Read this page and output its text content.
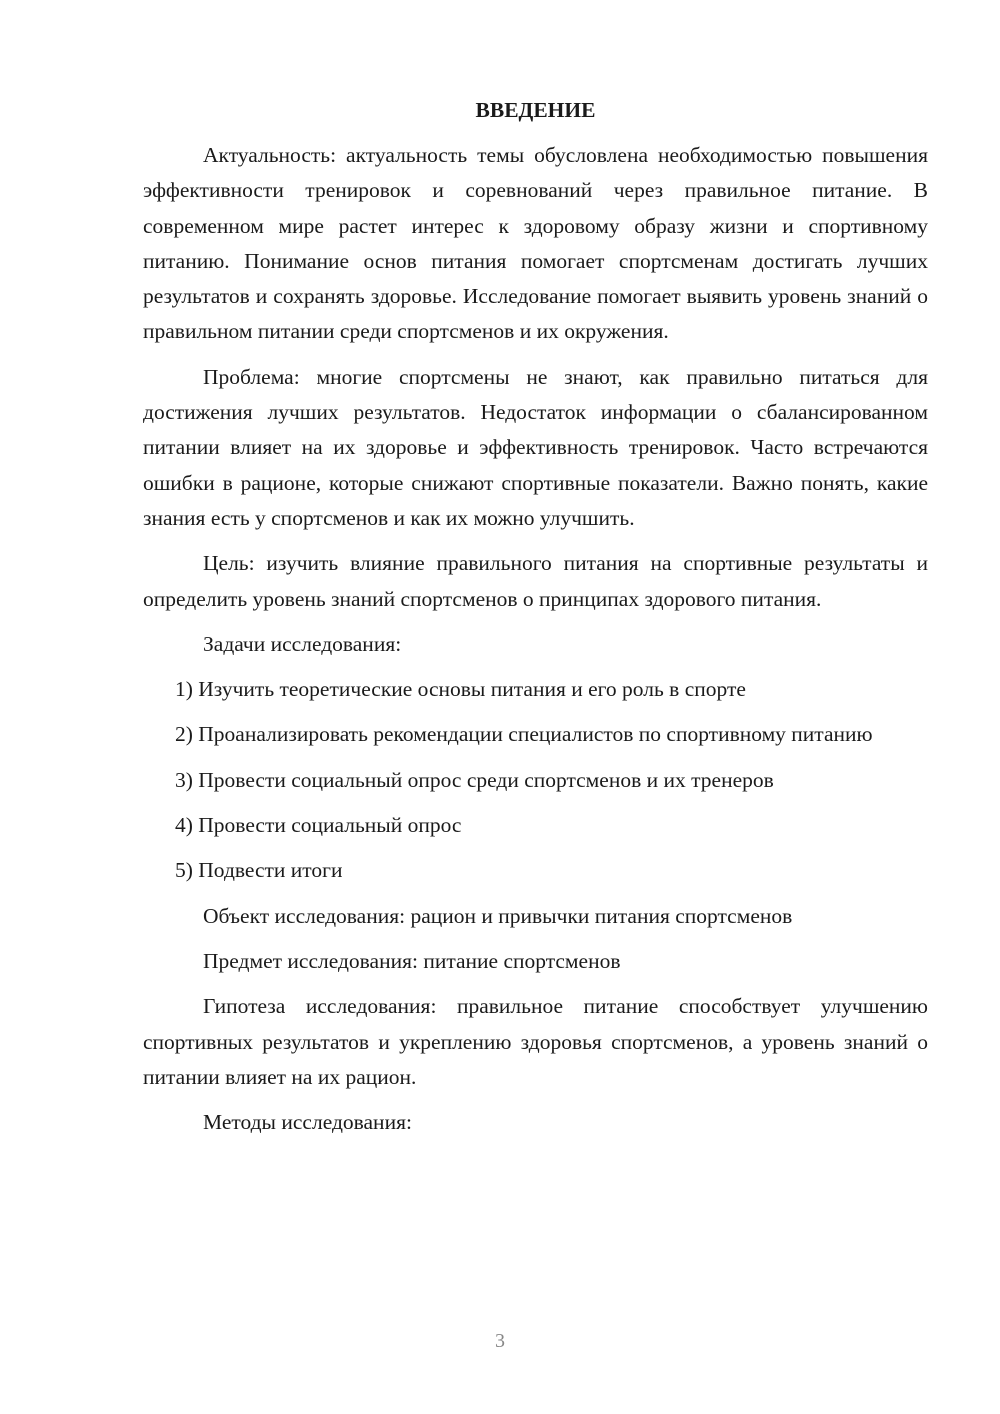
ВВЕДЕНИЕ

Актуальность: актуальность темы обусловлена необходимостью повышения эффективности тренировок и соревнований через правильное питание. В современном мире растет интерес к здоровому образу жизни и спортивному питанию. Понимание основ питания помогает спортсменам достигать лучших результатов и сохранять здоровье. Исследование помогает выявить уровень знаний о правильном питании среди спортсменов и их окружения.

Проблема: многие спортсмены не знают, как правильно питаться для достижения лучших результатов. Недостаток информации о сбалансированном питании влияет на их здоровье и эффективность тренировок. Часто встречаются ошибки в рационе, которые снижают спортивные показатели. Важно понять, какие знания есть у спортсменов и как их можно улучшить.

Цель: изучить влияние правильного питания на спортивные результаты и определить уровень знаний спортсменов о принципах здорового питания.

Задачи исследования:

1) Изучить теоретические основы питания и его роль в спорте

2) Проанализировать рекомендации специалистов по спортивному питанию

3) Провести социальный опрос среди спортсменов и их тренеров

4) Провести социальный опрос

5) Подвести итоги

Объект исследования: рацион и привычки питания спортсменов

Предмет исследования: питание спортсменов

Гипотеза исследования: правильное питание способствует улучшению спортивных результатов и укреплению здоровья спортсменов, а уровень знаний о питании влияет на их рацион.

Методы исследования:

3
